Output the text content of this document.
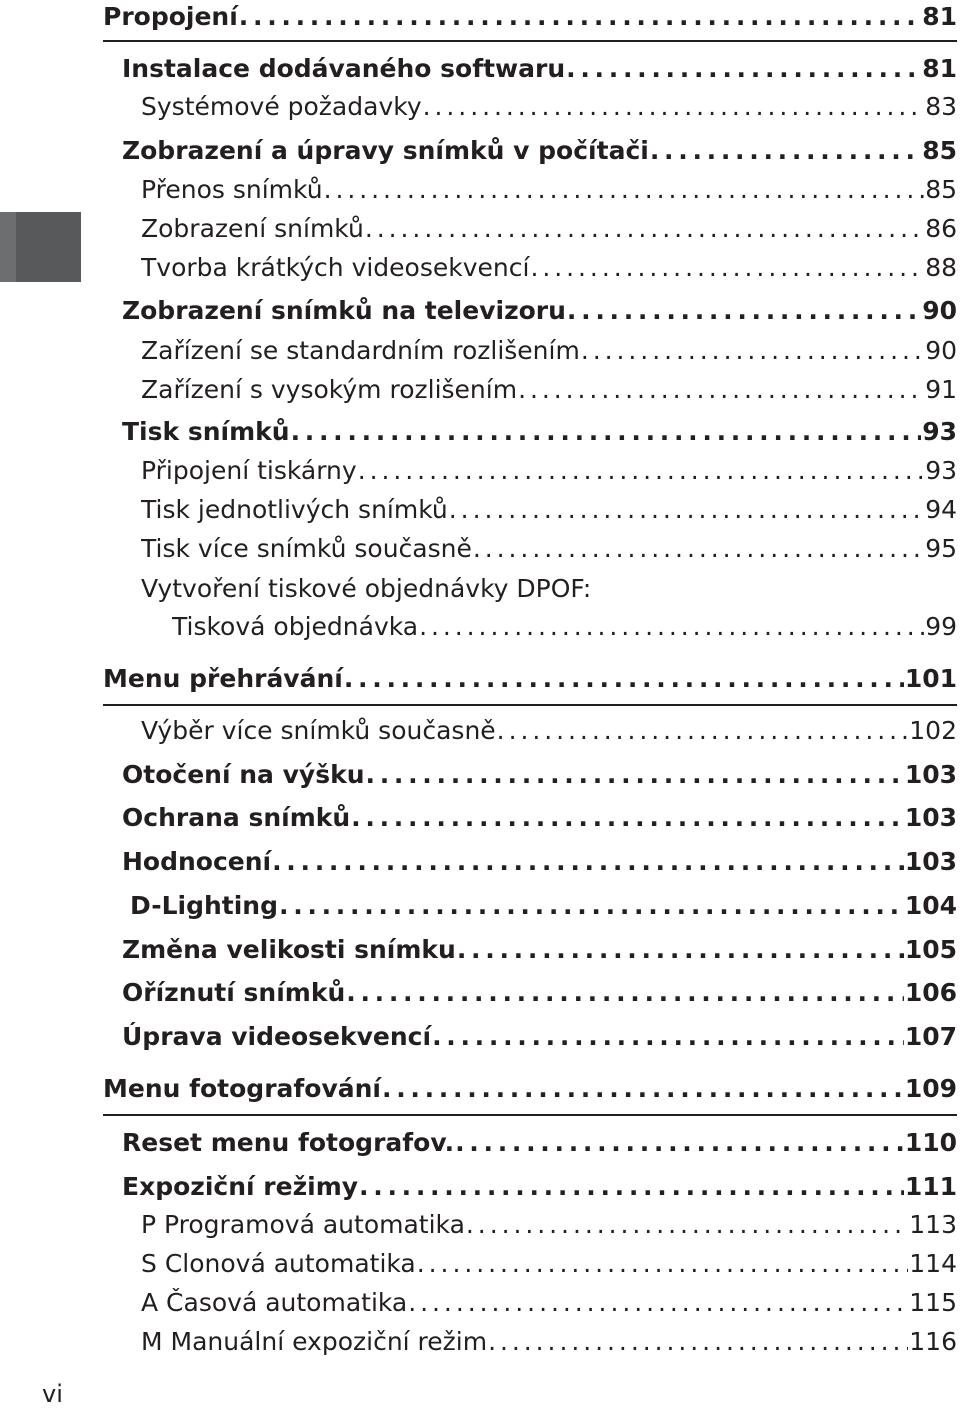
Propojení . . .	81
Instalace dodávaného softwaru . . .	81
Systémové požadavky . . .	83
Zobrazení a úpravy snímků v počítači . . .	85
Přenos snímků . . .	85
Zobrazení snímků . . .	86
Tvorba krátkých videosekvencí . . .	88
Zobrazení snímků na televizoru . . .	90
Zařízení se standardním rozlišením . . .	90
Zařízení s vysokým rozlišením . . .	91
Tisk snímků . . .	93
Připojení tiskárny . . .	93
Tisk jednotlivých snímků . . .	94
Tisk více snímků současně . . .	95
Vytvoření tiskové objednávky DPOF:
Tisková objednávka . . .	99
Menu přehrávání . . .	101
Výběr více snímků současně . . .	102
Otočení na výšku . . .	103
Ochrana snímků . . .	103
Hodnocení . . .	103
D-Lighting . . .	104
Změna velikosti snímku . . .	105
Oříznutí snímků . . .	106
Úprava videosekvencí . . .	107
Menu fotografování . . .	109
Reset menu fotografov. . . .	110
Expoziční režimy . . .	111
P Programová automatika . . .	113
S Clonová automatika . . .	114
A Časová automatika . . .	115
M Manuální expoziční režim . . .	116
vi
